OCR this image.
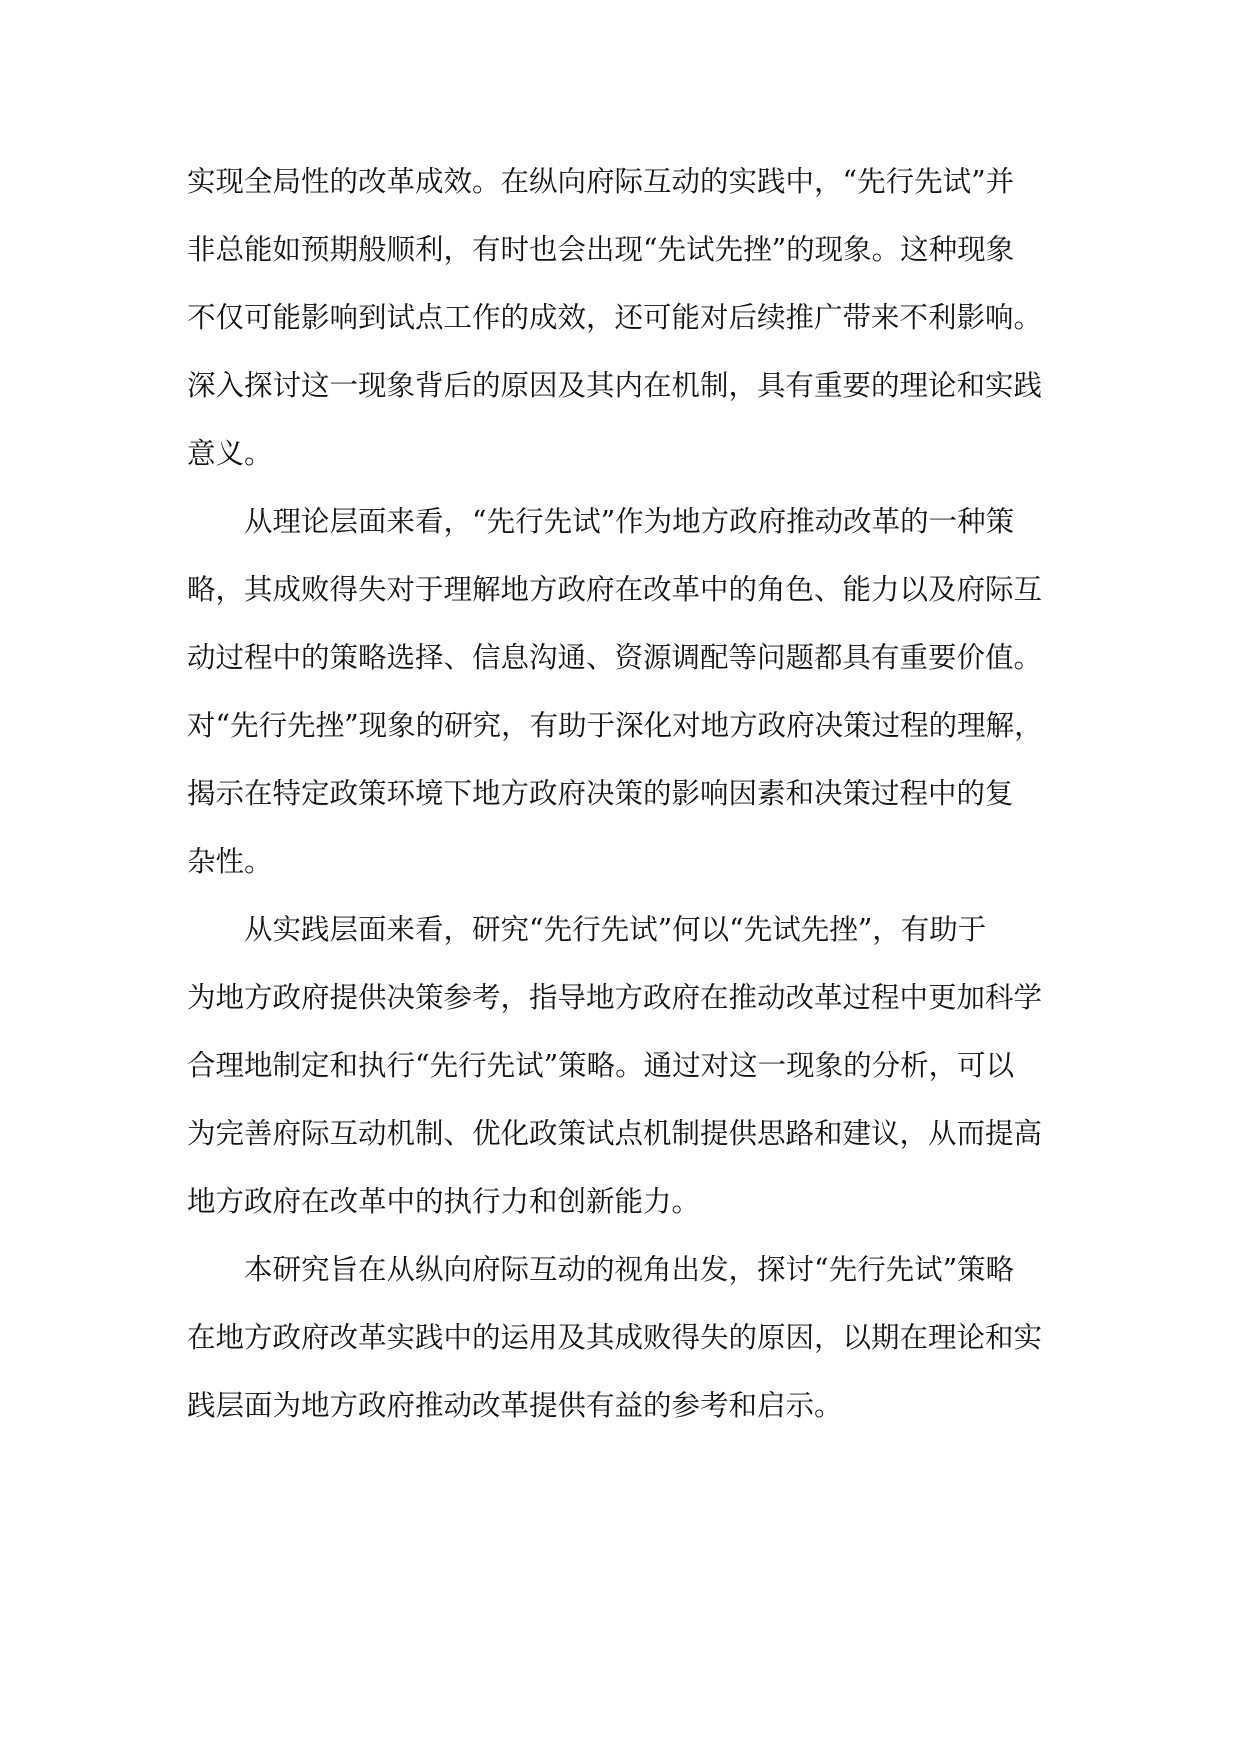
实现全局性的改革成效。在纵向府际互动的实践中，“先行先试”并
非总能如预期般顺利，有时也会出现“先试先挫”的现象。这种现象
不仅可能影响到试点工作的成效，还可能对后续推广带来不利影响。
深入探讨这一现象背后的原因及其内在机制，具有重要的理论和实践
意义。
从理论层面来看，“先行先试”作为地方政府推动改革的一种策
略，其成败得失对于理解地方政府在改革中的角色、能力以及府际互
动过程中的策略选择、信息沟通、资源调配等问题都具有重要价值。
对“先行先挫”现象的研究，有助于深化对地方政府决策过程的理解，
揭示在特定政策环境下地方政府决策的影响因素和决策过程中的复
杂性。
从实践层面来看，研究“先行先试”何以“先试先挫”，有助于
为地方政府提供决策参考，指导地方政府在推动改革过程中更加科学
合理地制定和执行“先行先试”策略。通过对这一现象的分析，可以
为完善府际互动机制、优化政策试点机制提供思路和建议，从而提高
地方政府在改革中的执行力和创新能力。
本研究旨在从纵向府际互动的视角出发，探讨“先行先试”策略
在地方政府改革实践中的运用及其成败得失的原因，以期在理论和实
践层面为地方政府推动改革提供有益的参考和启示。
